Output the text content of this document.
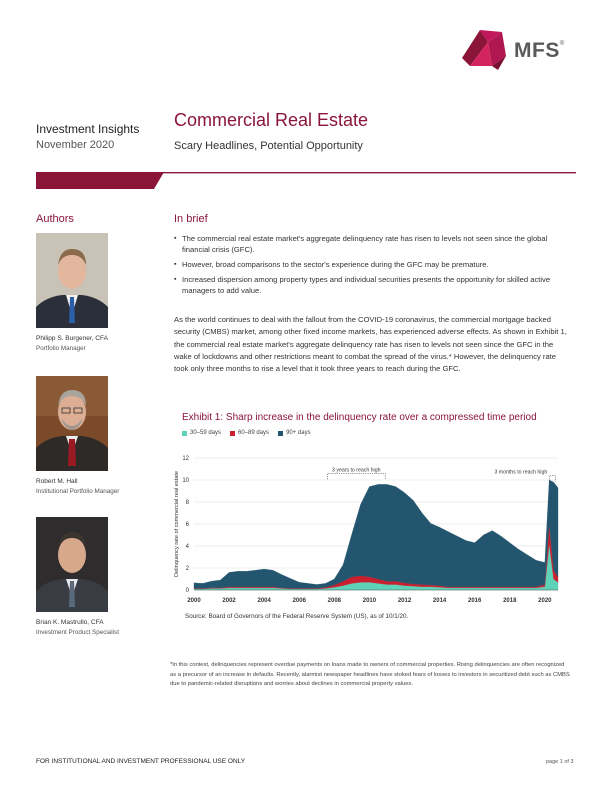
MFS®
Investment Insights
November 2020
Commercial Real Estate
Scary Headlines, Potential Opportunity
Authors
Philipp S. Burgener, CFA
Portfolio Manager
Robert M. Hall
Institutional Portfolio Manager
Brian K. Mastrullo, CFA
Investment Product Specialist
In brief
▪ The commercial real estate market's aggregate delinquency rate has risen to levels not seen since the global financial crisis (GFC).
▪ However, broad comparisons to the sector's experience during the GFC may be premature.
▪ Increased dispersion among property types and individual securities presents the opportunity for skilled active managers to add value.

As the world continues to deal with the fallout from the COVID-19 coronavirus, the commercial mortgage backed security (CMBS) market, among other fixed income markets, has experienced adverse effects. As shown in Exhibit 1, the commercial real estate market's aggregate delinquency rate has risen to levels not seen since the GFC in the wake of lockdowns and other restrictions meant to combat the spread of the virus.* However, the delinquency rate took only three months to rise a level that it took three years to reach during the GFC.

Exhibit 1: Sharp increase in the delinquency rate over a compressed time period
30–59 days	60–89 days	90+ days
0
2
4
6
8
10
12
2000	2002	2004	2006	2008	2010	2012	2014	2016	2018	2020
Delinquency rate of commercial real estate
3 years to reach high	3 months to reach high
Source: Board of Governors of the Federal Reserve System (US), as of 10/1/20.

*In this context, delinquencies represent overdue payments on loans made to owners of commercial properties. Rising delinquencies are often recognized as a precursor of an increase in defaults. Recently, alarmist newspaper headlines have stoked fears of losses to investors in securitized debt such as CMBS due to pandemic-related disruptions and worries about declines in commercial property values.

FOR INSTITUTIONAL AND INVESTMENT PROFESSIONAL USE ONLY	page 1 of 3
